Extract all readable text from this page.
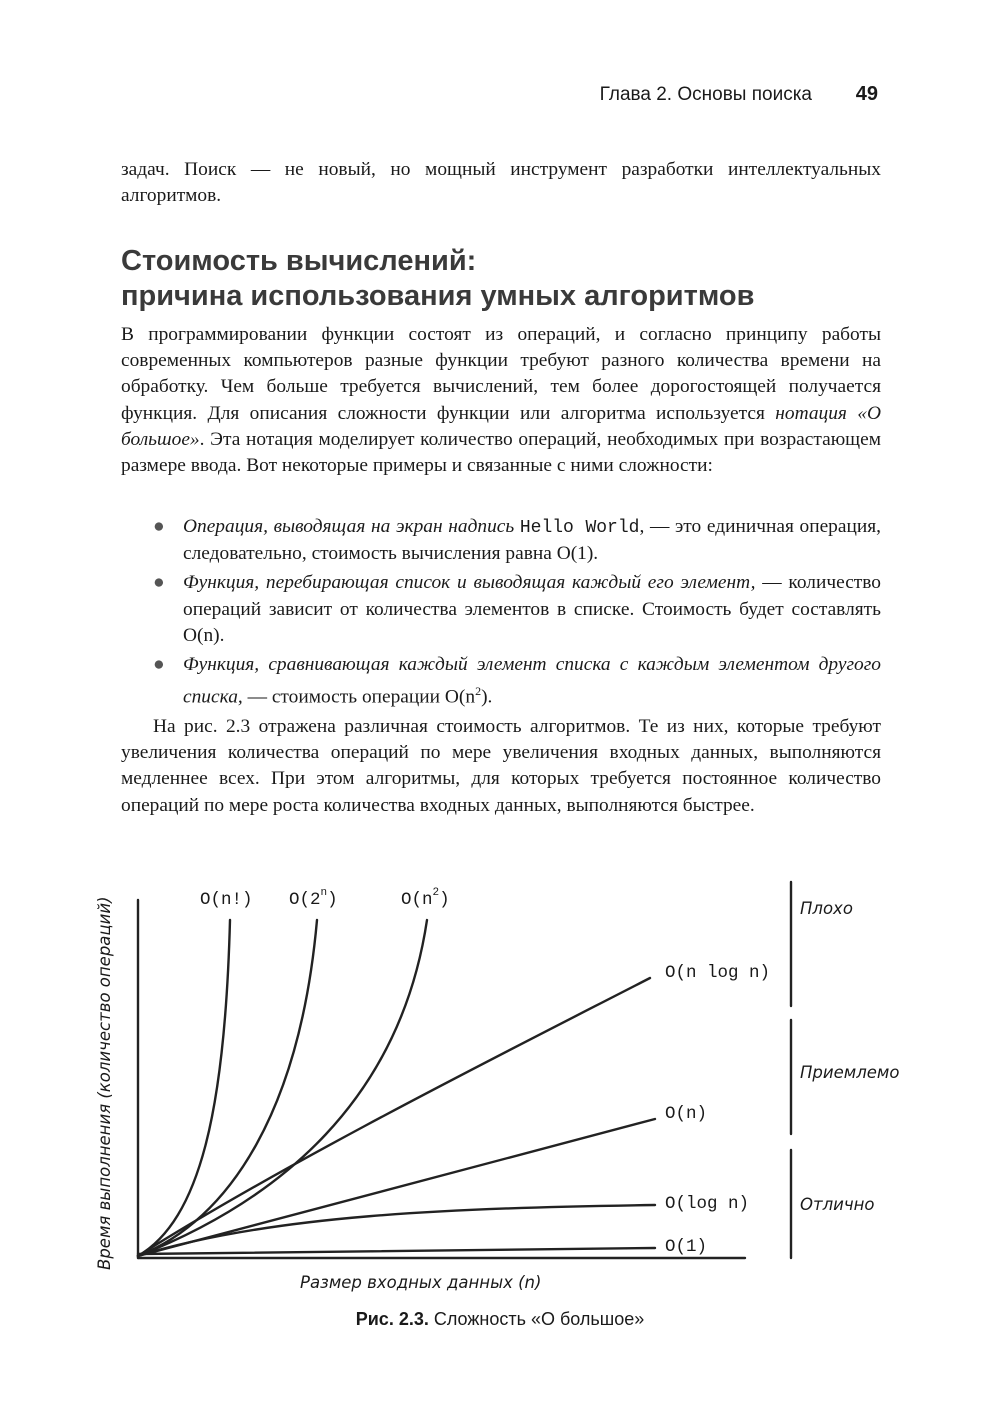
Глава 2. Основы поиска 49
задач. Поиск — не новый, но мощный инструмент разработки интеллектуальных алгоритмов.
Стоимость вычислений:
причина использования умных алгоритмов
В программировании функции состоят из операций, и согласно принципу работы современных компьютеров разные функции требуют разного количества времени на обработку. Чем больше требуется вычислений, тем более дорогостоящей получается функция. Для описания сложности функции или алгоритма используется нотация «О большое». Эта нотация моделирует количество операций, необходимых при возрастающем размере ввода. Вот некоторые примеры и связанные с ними сложности:
● Операция, выводящая на экран надпись Hello World, — это единичная операция, следовательно, стоимость вычисления равна O(1).
● Функция, перебирающая список и выводящая каждый его элемент, — количество операций зависит от количества элементов в списке. Стоимость будет составлять O(n).
● Функция, сравнивающая каждый элемент списка с каждым элементом другого списка, — стоимость операции $O(n^2)$.
На рис. 2.3 отражена различная стоимость алгоритмов. Те из них, которые требуют увеличения количества операций по мере увеличения входных данных, выполняются медленнее всех. При этом алгоритмы, для которых требуется постоянное количество операций по мере роста количества входных данных, выполняются быстрее.
O(n!) O(2$^n$)	$O(n^2)$
O(n log n)
O(n)
O(log n)
O(1)
Плохо
Приемлемо
Отлично
Размер входных данных (n)
Время выполнения (количество операций)
Рис. 2.3. Сложность «О большое»
